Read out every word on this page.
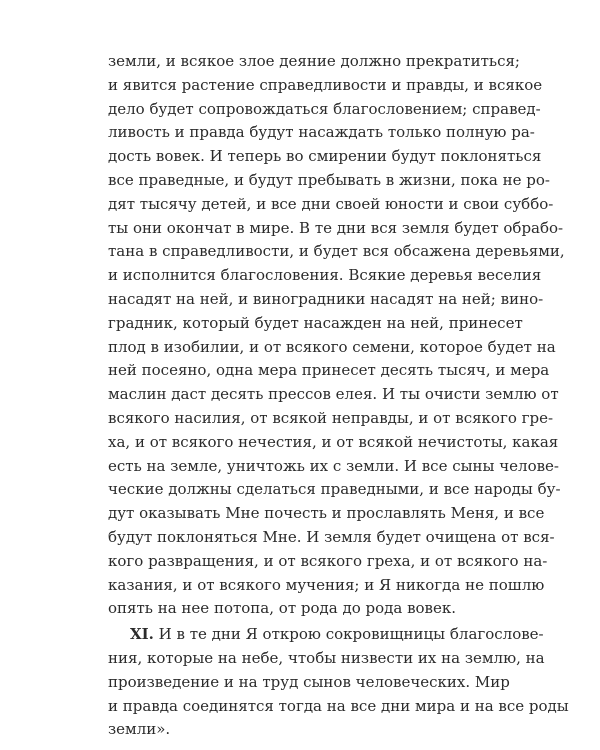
земли, и всякое злое деяние должно прекратиться;
и явится растение справедливости и правды, и всякое
дело будет сопровождаться благословением; справед-
ливость и правда будут насаждать только полную ра-
дость вовек. И теперь во смирении будут поклоняться
все праведные, и будут пребывать в жизни, пока не ро-
дят тысячу детей, и все дни своей юности и свои суббо-
ты они окончат в мире. В те дни вся земля будет обрабо-
тана в справедливости, и будет вся обсажена деревьями,
и исполнится благословения. Всякие деревья веселия
насадят на ней, и виноградники насадят на ней; вино-
градник, который будет насажден на ней, принесет
плод в изобилии, и от всякого семени, которое будет на
ней посеяно, одна мера принесет десять тысяч, и мера
маслин даст десять прессов елея. И ты очисти землю от
всякого насилия, от всякой неправды, и от всякого гре-
ха, и от всякого нечестия, и от всякой нечистоты, какая
есть на земле, уничтожь их с земли. И все сыны челове-
ческие должны сделаться праведными, и все народы бу-
дут оказывать Мне почесть и прославлять Меня, и все
будут поклоняться Мне. И земля будет очищена от вся-
кого развращения, и от всякого греха, и от всякого на-
казания, и от всякого мучения; и Я никогда не пошлю
опять на нее потопа, от рода до рода вовек.
XI. И в те дни Я открою сокровищницы благослове-
ния, которые на небе, чтобы низвести их на землю, на
произведение и на труд сынов человеческих. Мир
и правда соединятся тогда на все дни мира и на все роды
земли».
